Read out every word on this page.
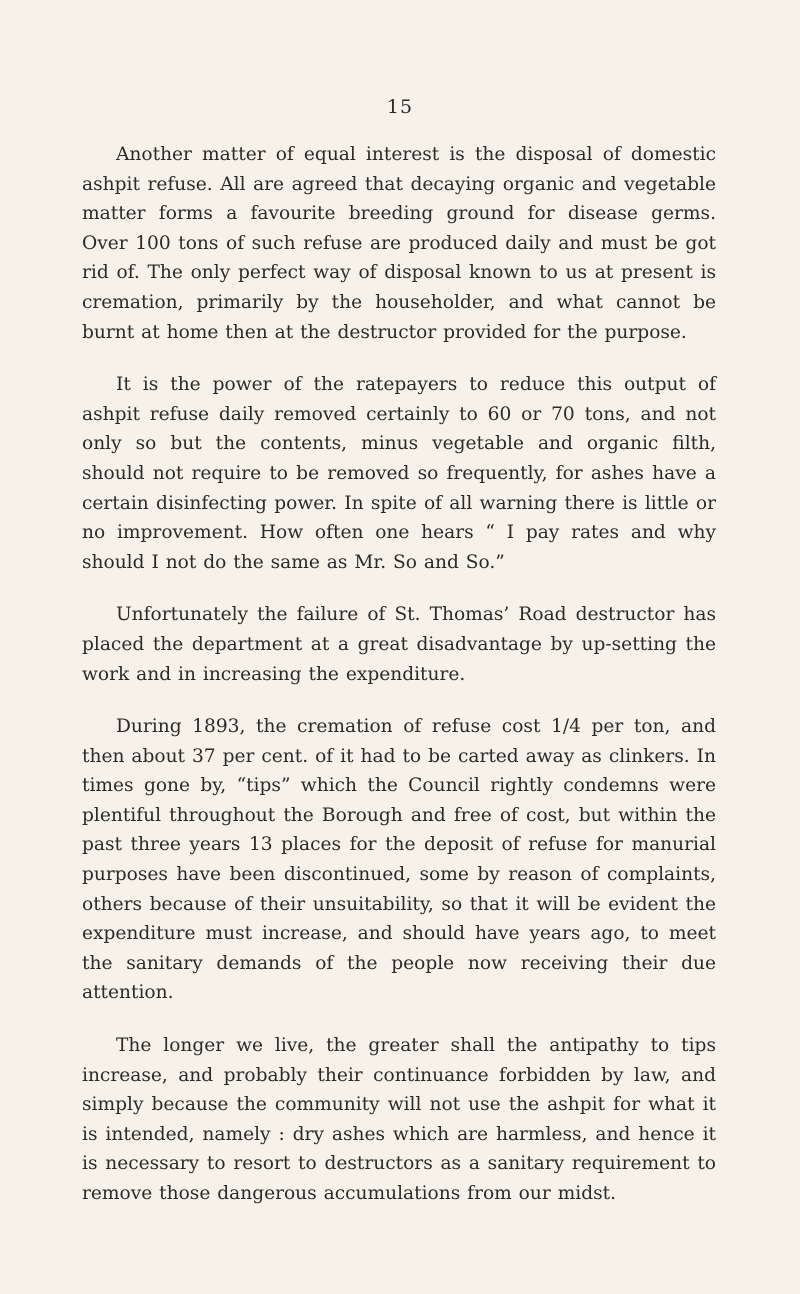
15

Another matter of equal interest is the disposal of domestic ashpit refuse. All are agreed that decaying organic and vegetable matter forms a favourite breeding ground for disease germs. Over 100 tons of such refuse are produced daily and must be got rid of. The only perfect way of disposal known to us at present is cremation, primarily by the householder, and what cannot be burnt at home then at the destructor provided for the purpose.

It is the power of the ratepayers to reduce this output of ashpit refuse daily removed certainly to 60 or 70 tons, and not only so but the contents, minus vegetable and organic filth, should not require to be removed so frequently, for ashes have a certain disinfecting power. In spite of all warning there is little or no improvement. How often one hears “ I pay rates and why should I not do the same as Mr. So and So.”

Unfortunately the failure of St. Thomas’ Road destructor has placed the department at a great disadvantage by up-setting the work and in increasing the expenditure.

During 1893, the cremation of refuse cost 1/4 per ton, and then about 37 per cent. of it had to be carted away as clinkers. In times gone by, “tips” which the Council rightly condemns were plentiful throughout the Borough and free of cost, but within the past three years 13 places for the deposit of refuse for manurial purposes have been discontinued, some by reason of complaints, others because of their unsuitability, so that it will be evident the expenditure must increase, and should have years ago, to meet the sanitary demands of the people now receiving their due attention.

The longer we live, the greater shall the antipathy to tips increase, and probably their continuance forbidden by law, and simply because the community will not use the ashpit for what it is intended, namely : dry ashes which are harmless, and hence it is necessary to resort to destructors as a sanitary requirement to remove those dangerous accumulations from our midst.
